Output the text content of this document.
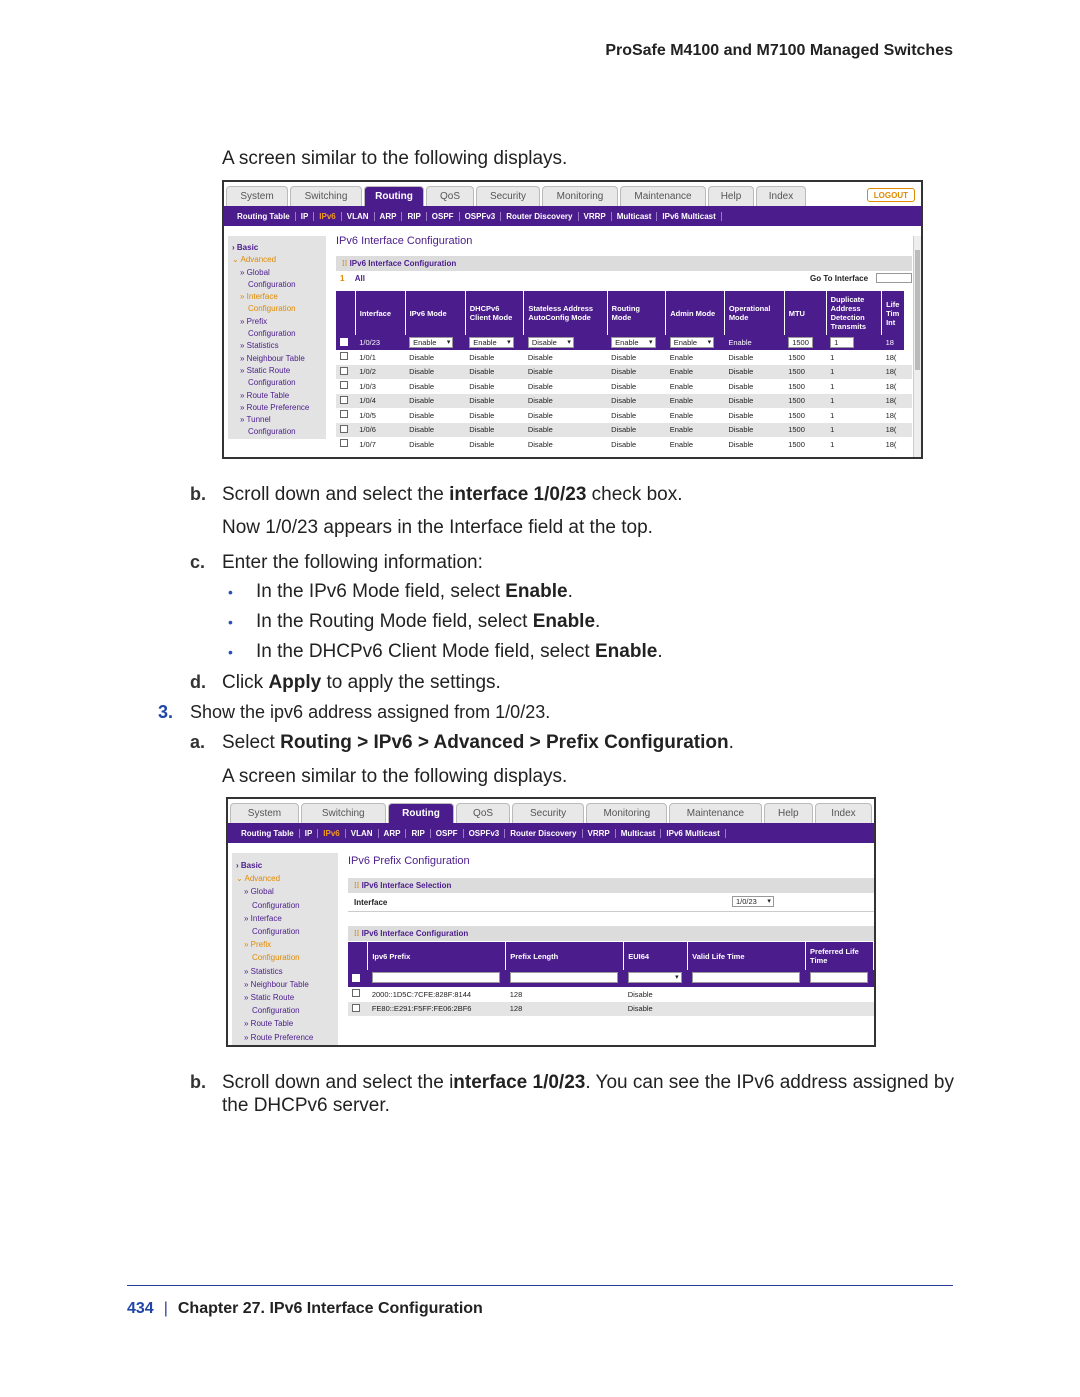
ProSafe M4100 and M7100 Managed Switches
A screen similar to the following displays.
System	Switching	Routing	QoS	Security	Monitoring	Maintenance	Help	Index	LOGOUT
Routing Table	IP	IPv6	VLAN	ARP	RIP	OSPF	OSPFv3	Router Discovery	VRRP	Multicast	IPv6 Multicast
› Basic
⌄ Advanced
» Global
Configuration
» Interface
Configuration
» Prefix
Configuration
» Statistics
» Neighbour Table
» Static Route
Configuration
» Route Table
» Route Preference
» Tunnel
Configuration
IPv6 Interface Configuration
⁞⁞ IPv6 Interface Configuration
1 All	Go To Interface
	Interface	IPv6 Mode	DHCPv6 Client Mode	Stateless Address AutoConfig Mode	Routing Mode	Admin Mode	Operational Mode	MTU	Duplicate Address Detection Transmits	Life Tim Int	
	1/0/23	Enable ▾	Enable ▾	Disable ▾	Enable ▾	Enable ▾	Enable	1500	1	18	
	1/0/1	Disable	Disable	Disable	Disable	Enable	Disable	1500	1	18(	
	1/0/2	Disable	Disable	Disable	Disable	Enable	Disable	1500	1	18(	
	1/0/3	Disable	Disable	Disable	Disable	Enable	Disable	1500	1	18(	
	1/0/4	Disable	Disable	Disable	Disable	Enable	Disable	1500	1	18(	
	1/0/5	Disable	Disable	Disable	Disable	Enable	Disable	1500	1	18(	
	1/0/6	Disable	Disable	Disable	Disable	Enable	Disable	1500	1	18(	
	1/0/7	Disable	Disable	Disable	Disable	Enable	Disable	1500	1	18(	
b. Scroll down and select the interface 1/0/23 check box.
Now 1/0/23 appears in the Interface field at the top.
c. Enter the following information:
• In the IPv6 Mode field, select Enable.
• In the Routing Mode field, select Enable.
• In the DHCPv6 Client Mode field, select Enable.
d. Click Apply to apply the settings.
3. Show the ipv6 address assigned from 1/0/23.
a. Select Routing > IPv6 > Advanced > Prefix Configuration.
A screen similar to the following displays.
System	Switching	Routing	QoS	Security	Monitoring	Maintenance	Help	Index
Routing Table	IP	IPv6	VLAN	ARP	RIP	OSPF	OSPFv3	Router Discovery	VRRP	Multicast	IPv6 Multicast
› Basic
⌄ Advanced
» Global
Configuration
» Interface
Configuration
» Prefix
Configuration
» Statistics
» Neighbour Table
» Static Route
Configuration
» Route Table
» Route Preference
IPv6 Prefix Configuration
⁞⁞ IPv6 Interface Selection
Interface	1/0/23 ▾
⁞⁞ IPv6 Interface Configuration
	Ipv6 Prefix	Prefix Length	EUI64	Valid Life Time	Preferred Life Time
			▾		
	2000::1D5C:7CFE:828F:8144	128	Disable		
	FE80::E291:F5FF:FE06:2BF6	128	Disable		
b. Scroll down and select the interface 1/0/23. You can see the IPv6 address assigned by the DHCPv6 server.
434 | Chapter 27. IPv6 Interface Configuration
